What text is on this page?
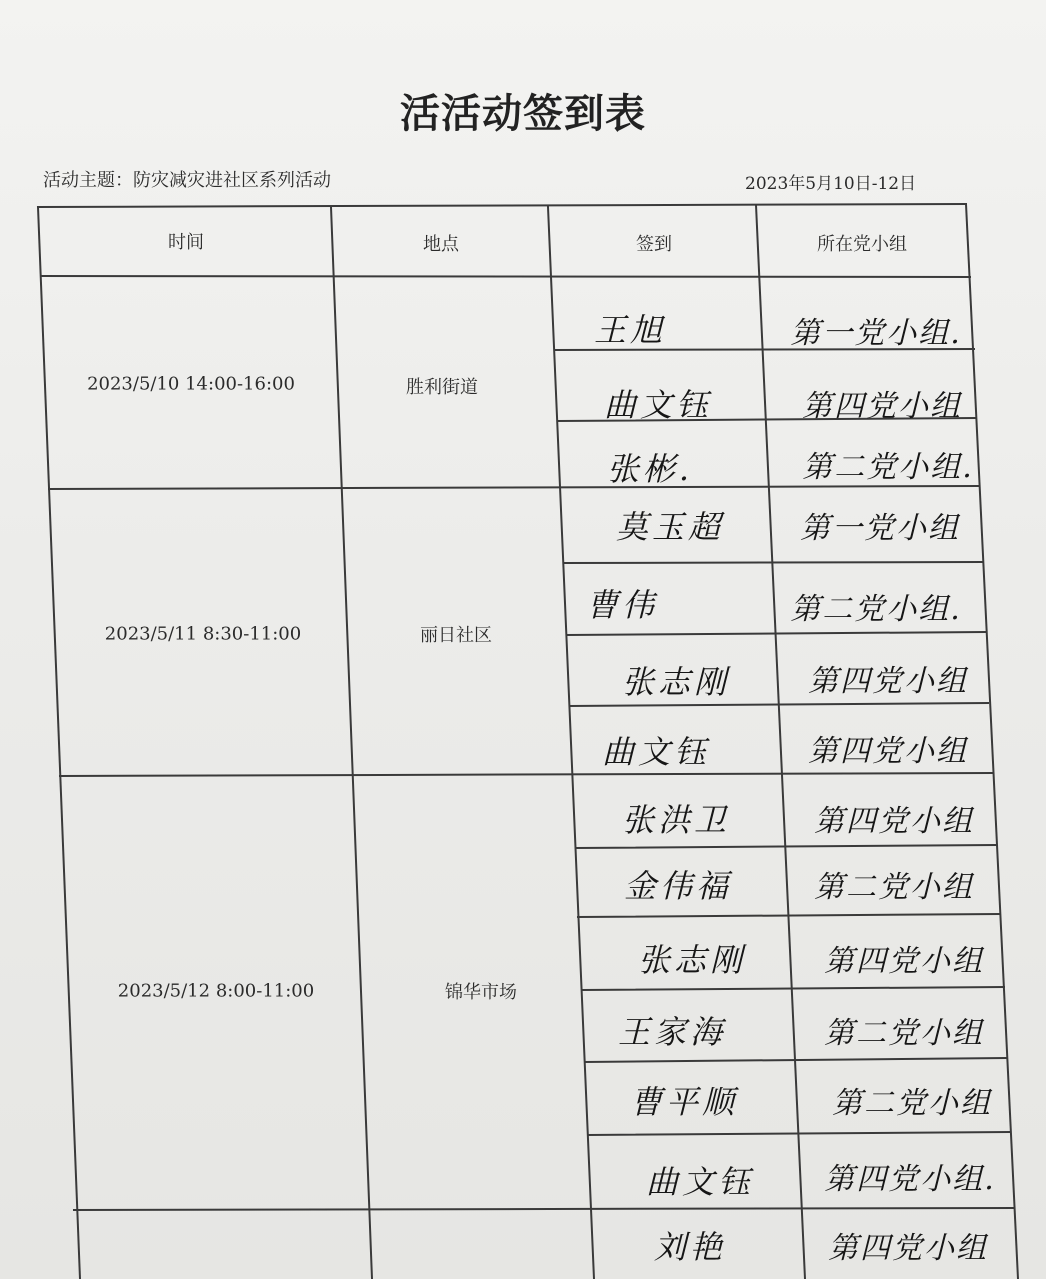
活活动签到表
活动主题：防灾减灾进社区系列活动	2023年5月10日-12日
时间	地点	签到	所在党小组
2023/5/10 14:00-16:00	胜利街道
王旭	第一党小组.
曲文钰	第四党小组
张彬.	第二党小组.
2023/5/11 8:30-11:00	丽日社区
莫玉超	第一党小组
曹伟	第二党小组.
张志刚	第四党小组
曲文钰	第四党小组
2023/5/12 8:00-11:00	锦华市场
张洪卫	第四党小组
金伟福	第二党小组
张志刚	第四党小组
王家海	第二党小组
曹平顺	第二党小组
曲文钰 第四党小组.
刘艳	第四党小组
